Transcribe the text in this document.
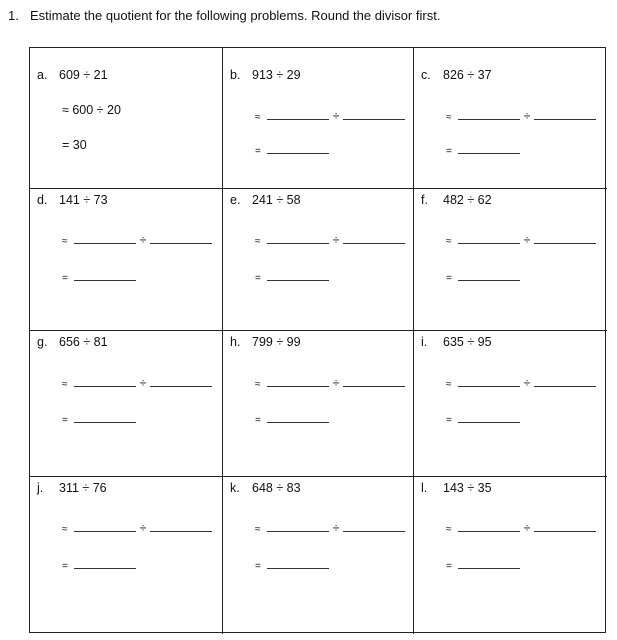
1. Estimate the quotient for the following problems. Round the divisor first.
a. 609 ÷ 21
≈ 600 ÷ 20
= 30
b. 913 ÷ 29
≈	÷
=
c. 826 ÷ 37
≈	÷
=
d. 141 ÷ 73
≈	÷
=
e. 241 ÷ 58
≈	÷
=
f. 482 ÷ 62
≈	÷
=
g. 656 ÷ 81
≈	÷
=
h. 799 ÷ 99
≈	÷
=
i. 635 ÷ 95
≈	÷
=
j. 311 ÷ 76
≈	÷
=
k. 648 ÷ 83
≈	÷
=
l. 143 ÷ 35
≈	÷
=
